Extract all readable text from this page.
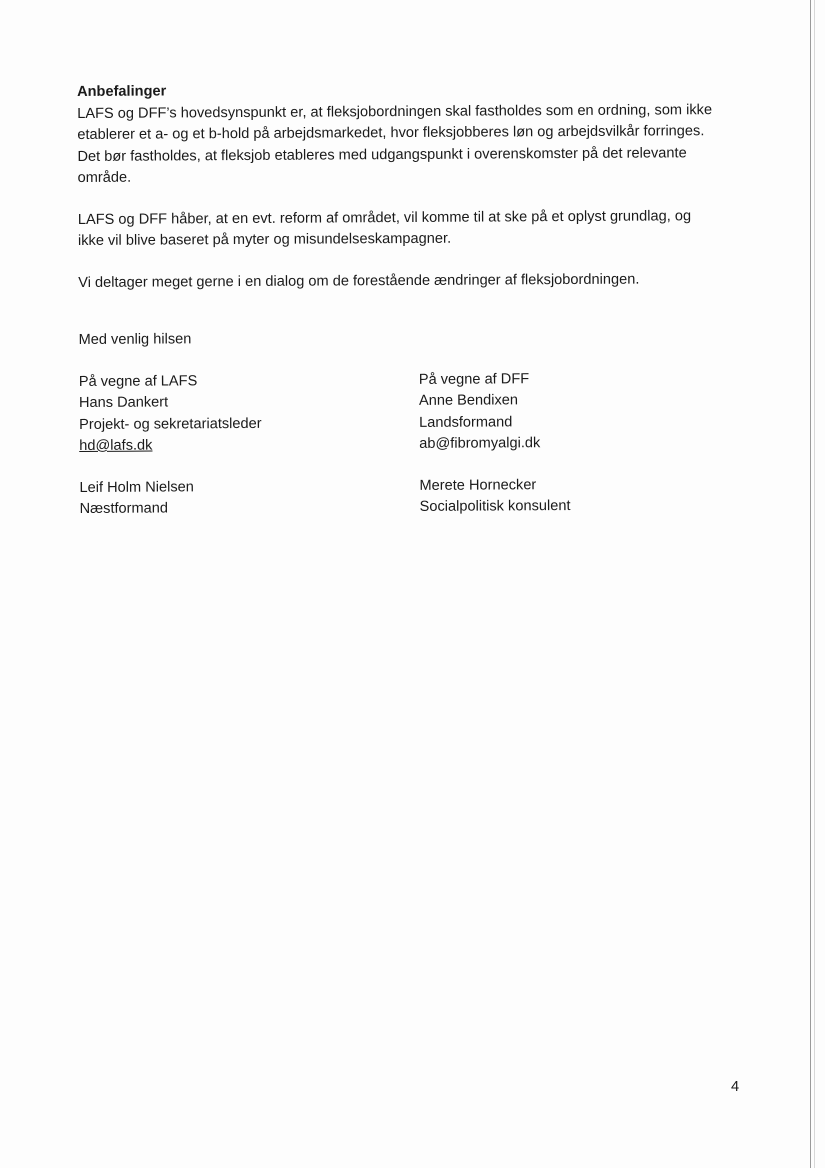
Anbefalinger

LAFS og DFF’s hovedsynspunkt er, at fleksjobordningen skal fastholdes som en ordning, som ikke
etablerer et a- og et b-hold på arbejdsmarkedet, hvor fleksjobberes løn og arbejdsvilkår forringes.
Det bør fastholdes, at fleksjob etableres med udgangspunkt i overenskomster på det relevante
område.

LAFS og DFF håber, at en evt. reform af området, vil komme til at ske på et oplyst grundlag, og
ikke vil blive baseret på myter og misundelseskampagner.

Vi deltager meget gerne i en dialog om de forestående ændringer af fleksjobordningen.

Med venlig hilsen

På vegne af LAFS
Hans Dankert
Projekt- og sekretariatsleder
hd@lafs.dk
Leif Holm Nielsen
Næstformand
På vegne af DFF
Anne Bendixen
Landsformand
ab@fibromyalgi.dk
Merete Hornecker
Socialpolitisk konsulent
4
